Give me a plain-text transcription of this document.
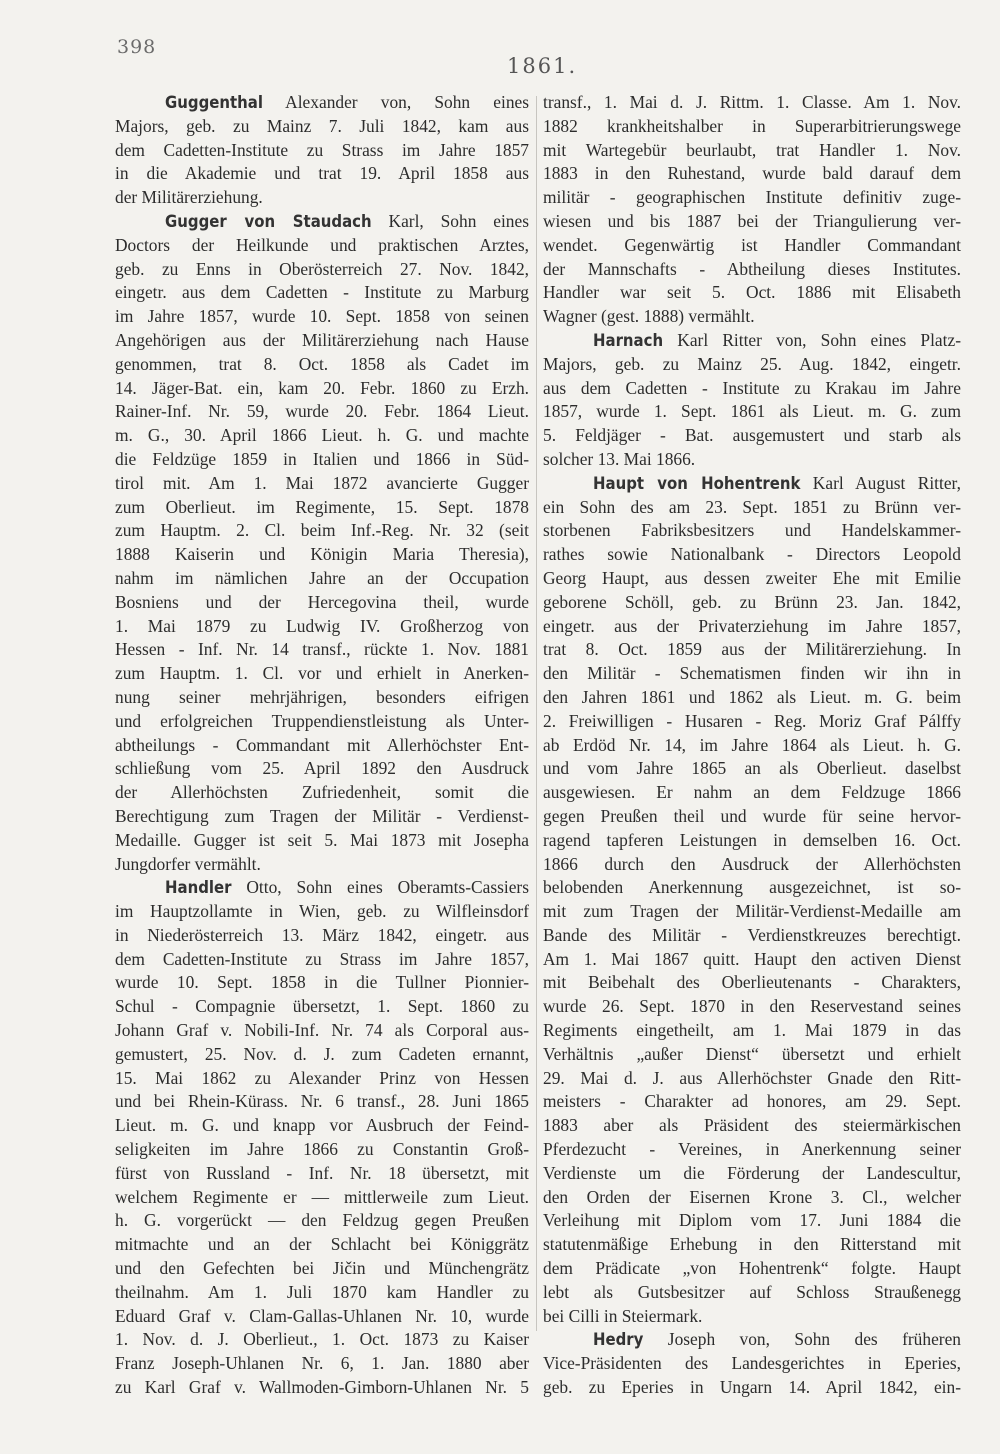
398
1861.
Guggenthal Alexander von, Sohn eines
Majors, geb. zu Mainz 7. Juli 1842, kam aus
dem Cadetten-Institute zu Strass im Jahre 1857
in die Akademie und trat 19. April 1858 aus
der Militärerziehung.
Gugger von Staudach Karl, Sohn eines
Doctors der Heilkunde und praktischen Arztes,
geb. zu Enns in Oberösterreich 27. Nov. 1842,
eingetr. aus dem Cadetten - Institute zu Marburg
im Jahre 1857, wurde 10. Sept. 1858 von seinen
Angehörigen aus der Militärerziehung nach Hause
genommen, trat 8. Oct. 1858 als Cadet im
14. Jäger-Bat. ein, kam 20. Febr. 1860 zu Erzh.
Rainer-Inf. Nr. 59, wurde 20. Febr. 1864 Lieut.
m. G., 30. April 1866 Lieut. h. G. und machte
die Feldzüge 1859 in Italien und 1866 in Süd-
tirol mit. Am 1. Mai 1872 avancierte Gugger
zum Oberlieut. im Regimente, 15. Sept. 1878
zum Hauptm. 2. Cl. beim Inf.-Reg. Nr. 32 (seit
1888 Kaiserin und Königin Maria Theresia),
nahm im nämlichen Jahre an der Occupation
Bosniens und der Hercegovina theil, wurde
1. Mai 1879 zu Ludwig IV. Großherzog von
Hessen - Inf. Nr. 14 transf., rückte 1. Nov. 1881
zum Hauptm. 1. Cl. vor und erhielt in Anerken-
nung seiner mehrjährigen, besonders eifrigen
und erfolgreichen Truppendienstleistung als Unter-
abtheilungs - Commandant mit Allerhöchster Ent-
schließung vom 25. April 1892 den Ausdruck
der Allerhöchsten Zufriedenheit, somit die
Berechtigung zum Tragen der Militär - Verdienst-
Medaille. Gugger ist seit 5. Mai 1873 mit Josepha
Jungdorfer vermählt.
Handler Otto, Sohn eines Oberamts-Cassiers
im Hauptzollamte in Wien, geb. zu Wilfleinsdorf
in Niederösterreich 13. März 1842, eingetr. aus
dem Cadetten-Institute zu Strass im Jahre 1857,
wurde 10. Sept. 1858 in die Tullner Pionnier-
Schul - Compagnie übersetzt, 1. Sept. 1860 zu
Johann Graf v. Nobili-Inf. Nr. 74 als Corporal aus-
gemustert, 25. Nov. d. J. zum Cadeten ernannt,
15. Mai 1862 zu Alexander Prinz von Hessen
und bei Rhein-Kürass. Nr. 6 transf., 28. Juni 1865
Lieut. m. G. und knapp vor Ausbruch der Feind-
seligkeiten im Jahre 1866 zu Constantin Groß-
fürst von Russland - Inf. Nr. 18 übersetzt, mit
welchem Regimente er — mittlerweile zum Lieut.
h. G. vorgerückt — den Feldzug gegen Preußen
mitmachte und an der Schlacht bei Königgrätz
und den Gefechten bei Jičin und Münchengrätz
theilnahm. Am 1. Juli 1870 kam Handler zu
Eduard Graf v. Clam-Gallas-Uhlanen Nr. 10, wurde
1. Nov. d. J. Oberlieut., 1. Oct. 1873 zu Kaiser
Franz Joseph-Uhlanen Nr. 6, 1. Jan. 1880 aber
zu Karl Graf v. Wallmoden-Gimborn-Uhlanen Nr. 5
transf., 1. Mai d. J. Rittm. 1. Classe. Am 1. Nov.
1882 krankheitshalber in Superarbitrierungswege
mit Wartegebür beurlaubt, trat Handler 1. Nov.
1883 in den Ruhestand, wurde bald darauf dem
militär - geographischen Institute definitiv zuge-
wiesen und bis 1887 bei der Triangulierung ver-
wendet. Gegenwärtig ist Handler Commandant
der Mannschafts - Abtheilung dieses Institutes.
Handler war seit 5. Oct. 1886 mit Elisabeth
Wagner (gest. 1888) vermählt.
Harnach Karl Ritter von, Sohn eines Platz-
Majors, geb. zu Mainz 25. Aug. 1842, eingetr.
aus dem Cadetten - Institute zu Krakau im Jahre
1857, wurde 1. Sept. 1861 als Lieut. m. G. zum
5. Feldjäger - Bat. ausgemustert und starb als
solcher 13. Mai 1866.
Haupt von Hohentrenk Karl August Ritter,
ein Sohn des am 23. Sept. 1851 zu Brünn ver-
storbenen Fabriksbesitzers und Handelskammer-
rathes sowie Nationalbank - Directors Leopold
Georg Haupt, aus dessen zweiter Ehe mit Emilie
geborene Schöll, geb. zu Brünn 23. Jan. 1842,
eingetr. aus der Privaterziehung im Jahre 1857,
trat 8. Oct. 1859 aus der Militärerziehung. In
den Militär - Schematismen finden wir ihn in
den Jahren 1861 und 1862 als Lieut. m. G. beim
2. Freiwilligen - Husaren - Reg. Moriz Graf Pálffy
ab Erdöd Nr. 14, im Jahre 1864 als Lieut. h. G.
und vom Jahre 1865 an als Oberlieut. daselbst
ausgewiesen. Er nahm an dem Feldzuge 1866
gegen Preußen theil und wurde für seine hervor-
ragend tapferen Leistungen in demselben 16. Oct.
1866 durch den Ausdruck der Allerhöchsten
belobenden Anerkennung ausgezeichnet, ist so-
mit zum Tragen der Militär-Verdienst-Medaille am
Bande des Militär - Verdienstkreuzes berechtigt.
Am 1. Mai 1867 quitt. Haupt den activen Dienst
mit Beibehalt des Oberlieutenants - Charakters,
wurde 26. Sept. 1870 in den Reservestand seines
Regiments eingetheilt, am 1. Mai 1879 in das
Verhältnis „außer Dienst“ übersetzt und erhielt
29. Mai d. J. aus Allerhöchster Gnade den Ritt-
meisters - Charakter ad honores, am 29. Sept.
1883 aber als Präsident des steiermärkischen
Pferdezucht - Vereines, in Anerkennung seiner
Verdienste um die Förderung der Landescultur,
den Orden der Eisernen Krone 3. Cl., welcher
Verleihung mit Diplom vom 17. Juni 1884 die
statutenmäßige Erhebung in den Ritterstand mit
dem Prädicate „von Hohentrenk“ folgte. Haupt
lebt als Gutsbesitzer auf Schloss Straußenegg
bei Cilli in Steiermark.
Hedry Joseph von, Sohn des früheren
Vice-Präsidenten des Landesgerichtes in Eperies,
geb. zu Eperies in Ungarn 14. April 1842, ein-
